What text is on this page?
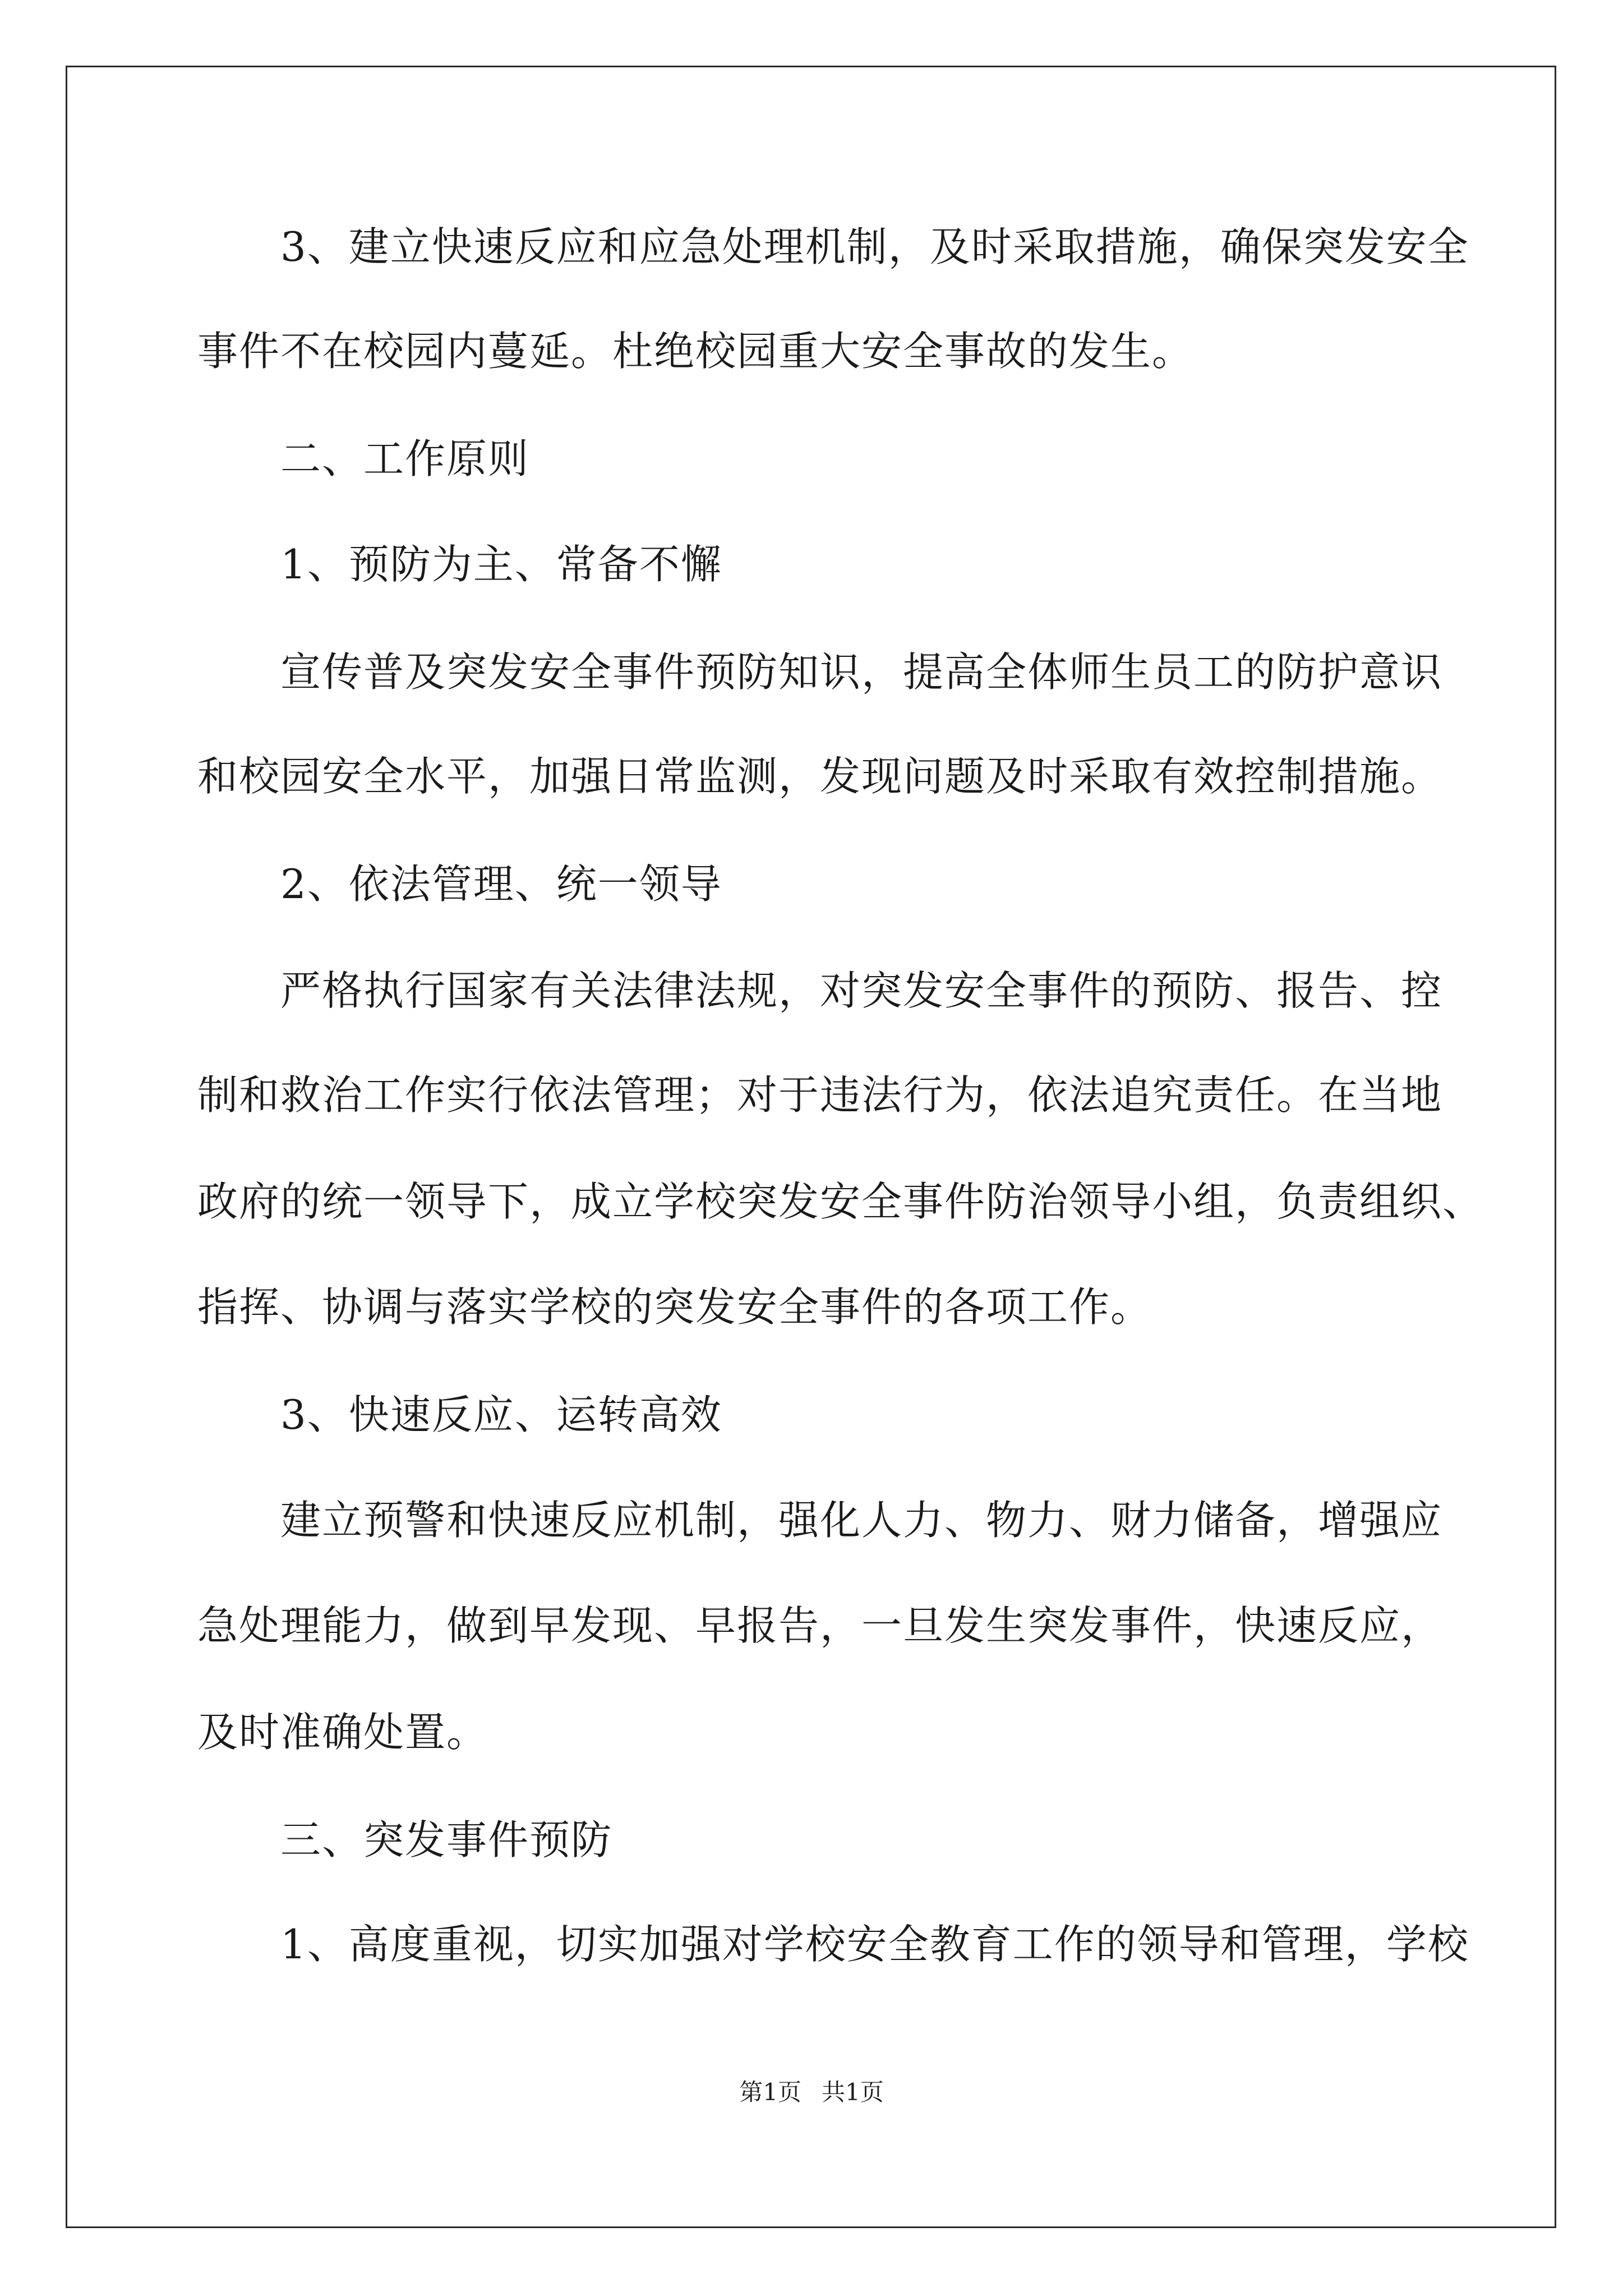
3、建立快速反应和应急处理机制，及时采取措施，确保突发安全
事件不在校园内蔓延。杜绝校园重大安全事故的发生。
二、工作原则
1、预防为主、常备不懈
宣传普及突发安全事件预防知识，提高全体师生员工的防护意识
和校园安全水平，加强日常监测，发现问题及时采取有效控制措施。
2、依法管理、统一领导
严格执行国家有关法律法规，对突发安全事件的预防、报告、控
制和救治工作实行依法管理；对于违法行为，依法追究责任。在当地
政府的统一领导下，成立学校突发安全事件防治领导小组，负责组织、
指挥、协调与落实学校的突发安全事件的各项工作。
3、快速反应、运转高效
建立预警和快速反应机制，强化人力、物力、财力储备，增强应
急处理能力，做到早发现、早报告，一旦发生突发事件，快速反应，
及时准确处置。
三、突发事件预防
1、高度重视，切实加强对学校安全教育工作的领导和管理，学校
第1页 共1页
